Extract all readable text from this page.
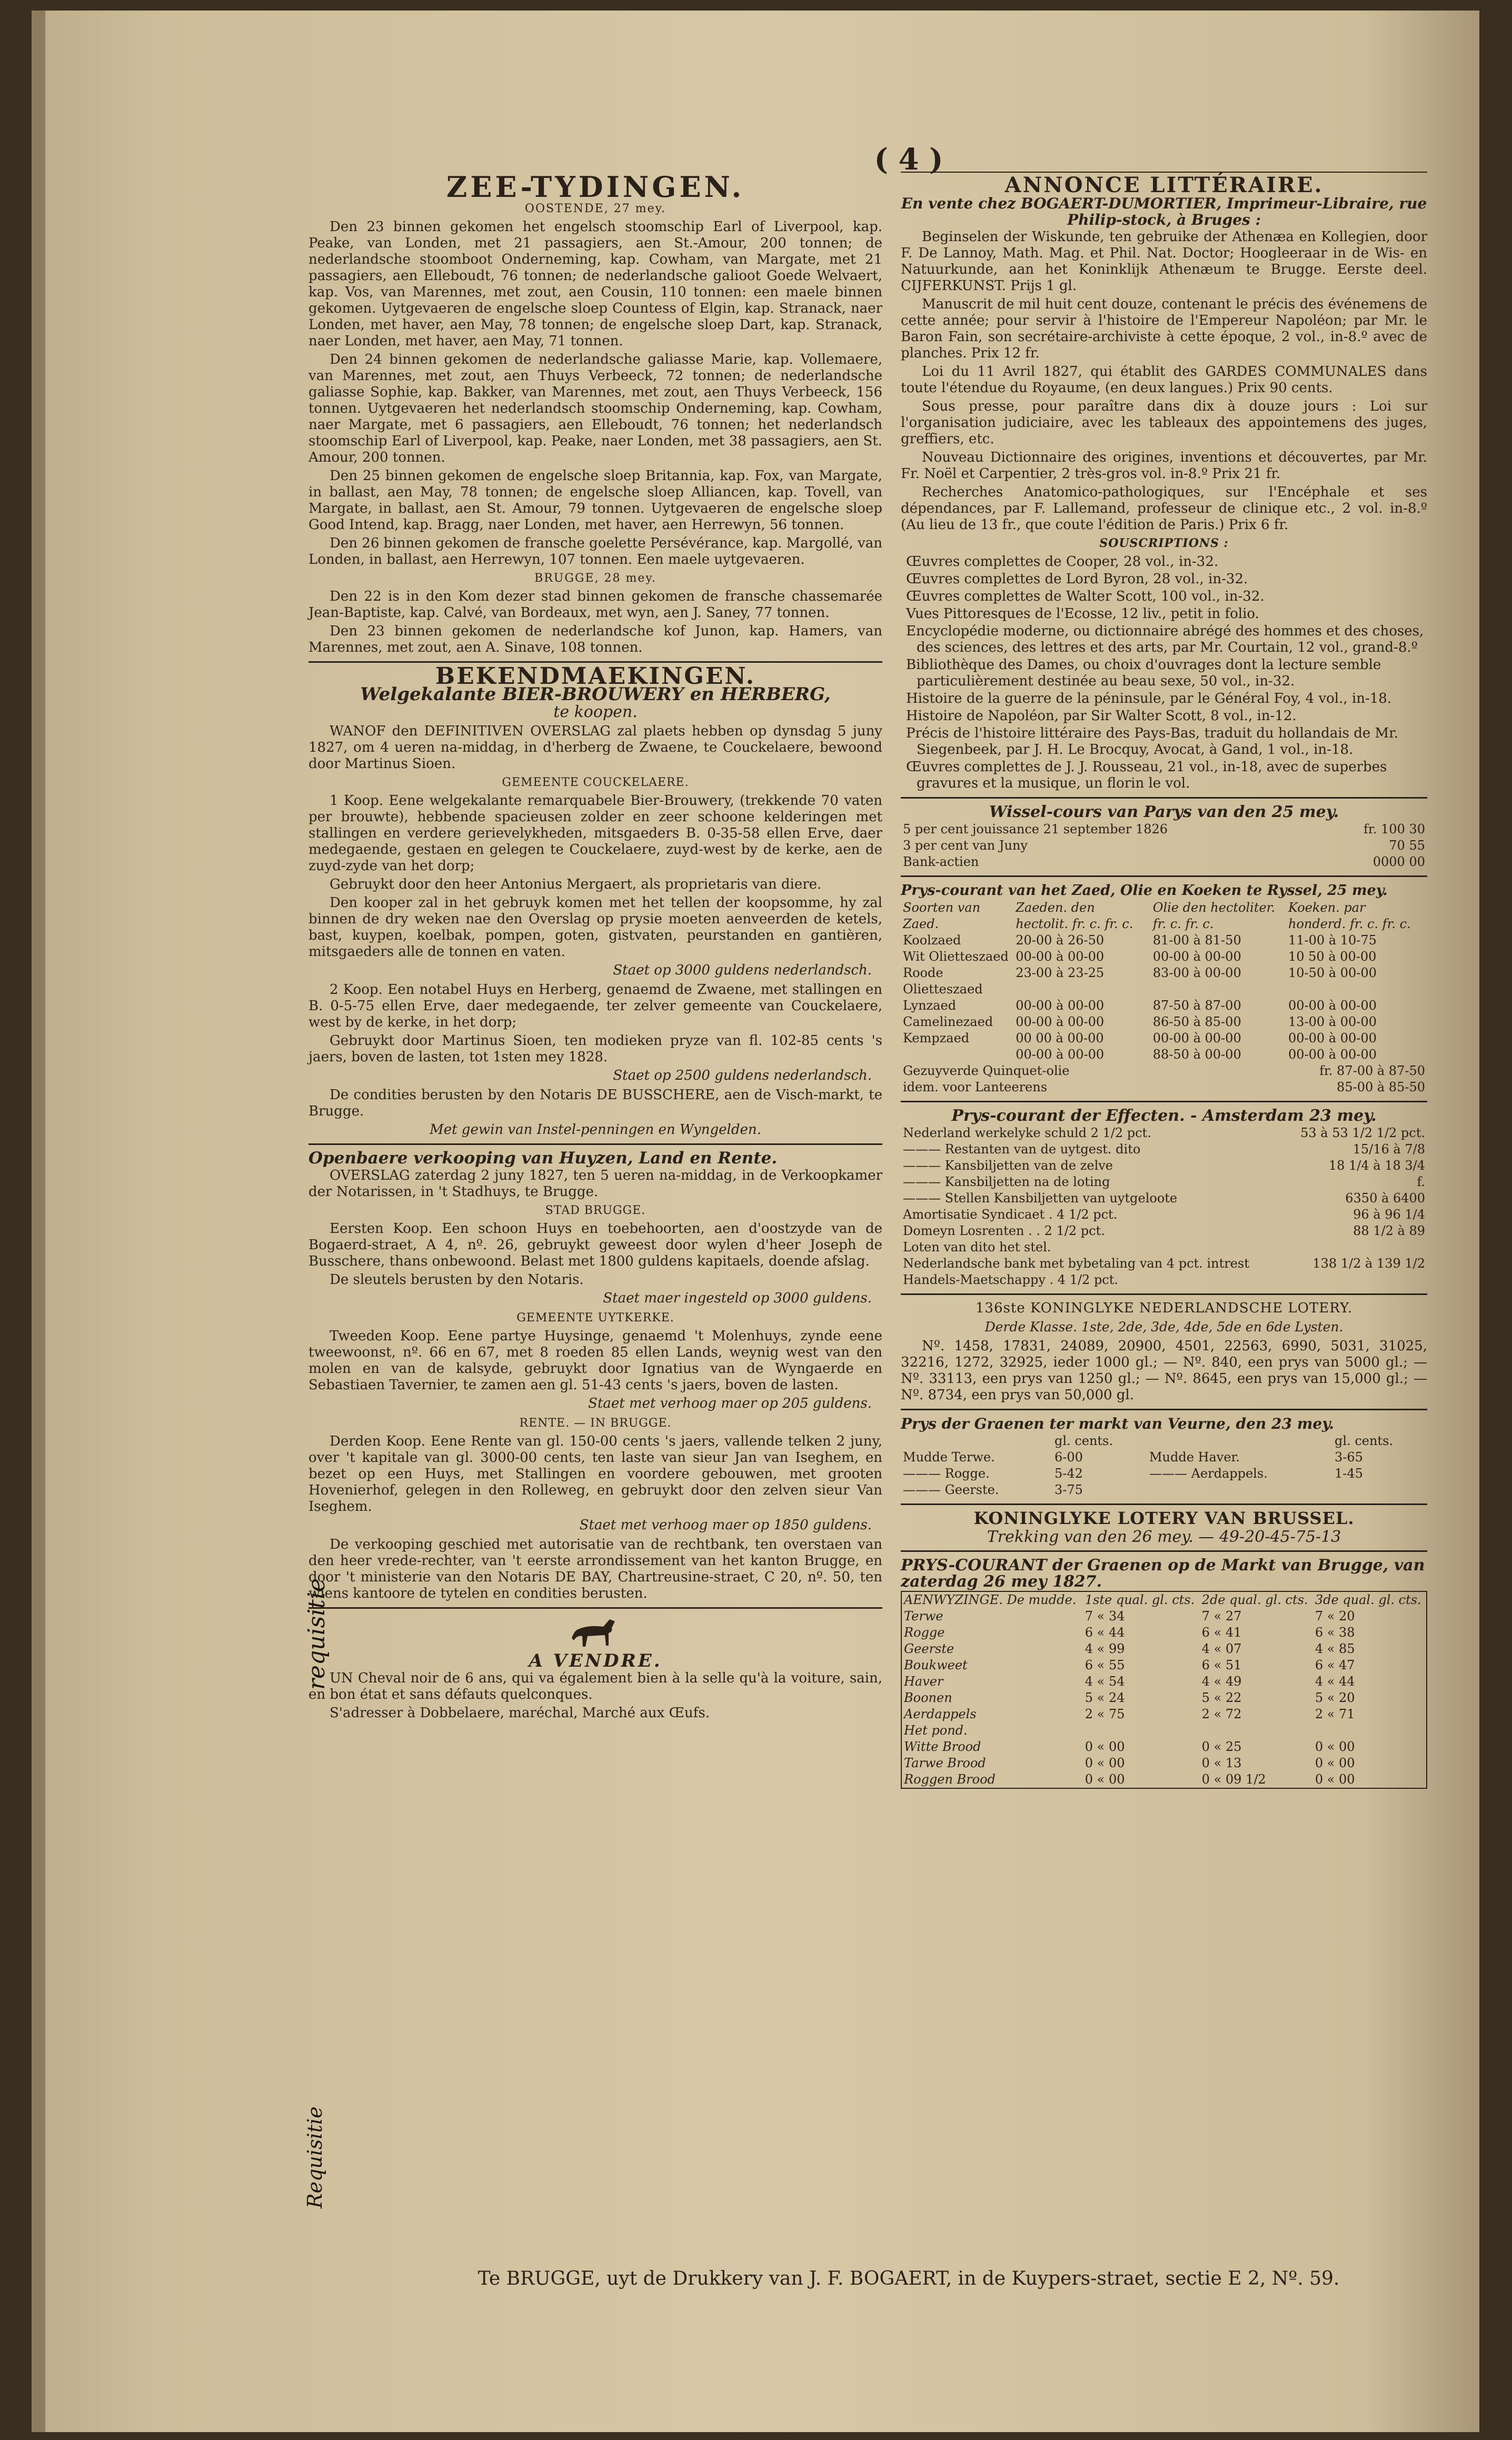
( 4 )
requisitie
Requisitie
ZEE-TYDINGEN.
OOSTENDE, 27 mey.

Den 23 binnen gekomen het engelsch stoomschip Earl of Liverpool, kap. Peake, van Londen, met 21 passagiers, aen St.-Amour, 200 tonnen; de nederlandsche stoomboot Onderneming, kap. Cowham, van Margate, met 21 passagiers, aen Elleboudt, 76 tonnen; de nederlandsche galioot Goede Welvaert, kap. Vos, van Marennes, met zout, aen Cousin, 110 tonnen: een maele binnen gekomen. Uytgevaeren de engelsche sloep Countess of Elgin, kap. Stranack, naer Londen, met haver, aen May, 78 tonnen; de engelsche sloep Dart, kap. Stranack, naer Londen, met haver, aen May, 71 tonnen.

Den 24 binnen gekomen de nederlandsche galiasse Marie, kap. Vollemaere, van Marennes, met zout, aen Thuys Verbeeck, 72 tonnen; de nederlandsche galiasse Sophie, kap. Bakker, van Marennes, met zout, aen Thuys Verbeeck, 156 tonnen. Uytgevaeren het nederlandsch stoomschip Onderneming, kap. Cowham, naer Margate, met 6 passagiers, aen Elleboudt, 76 tonnen; het nederlandsch stoomschip Earl of Liverpool, kap. Peake, naer Londen, met 38 passagiers, aen St. Amour, 200 tonnen.

Den 25 binnen gekomen de engelsche sloep Britannia, kap. Fox, van Margate, in ballast, aen May, 78 tonnen; de engelsche sloep Alliancen, kap. Tovell, van Margate, in ballast, aen St. Amour, 79 tonnen. Uytgevaeren de engelsche sloep Good Intend, kap. Bragg, naer Londen, met haver, aen Herrewyn, 56 tonnen.

Den 26 binnen gekomen de fransche goelette Persévérance, kap. Margollé, van Londen, in ballast, aen Herrewyn, 107 tonnen. Een maele uytgevaeren.

BRUGGE, 28 mey.

Den 22 is in den Kom dezer stad binnen gekomen de fransche chassemarée Jean-Baptiste, kap. Calvé, van Bordeaux, met wyn, aen J. Saney, 77 tonnen.

Den 23 binnen gekomen de nederlandsche kof Junon, kap. Hamers, van Marennes, met zout, aen A. Sinave, 108 tonnen.

BEKENDMAEKINGEN.
Welgekalante BIER-BROUWERY en HERBERG,
te koopen.

WANOF den DEFINITIVEN OVERSLAG zal plaets hebben op dynsdag 5 juny 1827, om 4 ueren na-middag, in d'herberg de Zwaene, te Couckelaere, bewoond door Martinus Sioen.

GEMEENTE COUCKELAERE.

1 Koop. Eene welgekalante remarquabele Bier-Brouwery, (trekkende 70 vaten per brouwte), hebbende spacieusen zolder en zeer schoone kelderingen met stallingen en verdere gerievelykheden, mitsgaeders B. 0-35-58 ellen Erve, daer medegaende, gestaen en gelegen te Couckelaere, zuyd-west by de kerke, aen de zuyd-zyde van het dorp;

Gebruykt door den heer Antonius Mergaert, als proprietaris van diere.

Den kooper zal in het gebruyk komen met het tellen der koopsomme, hy zal binnen de dry weken nae den Overslag op prysie moeten aenveerden de ketels, bast, kuypen, koelbak, pompen, goten, gistvaten, peurstanden en gantièren, mitsgaeders alle de tonnen en vaten.

Staet op 3000 guldens nederlandsch.

2 Koop. Een notabel Huys en Herberg, genaemd de Zwaene, met stallingen en B. 0-5-75 ellen Erve, daer medegaende, ter zelver gemeente van Couckelaere, west by de kerke, in het dorp;

Gebruykt door Martinus Sioen, ten modieken pryze van fl. 102-85 cents 's jaers, boven de lasten, tot 1sten mey 1828.

Staet op 2500 guldens nederlandsch.

De condities berusten by den Notaris DE BUSSCHERE, aen de Visch-markt, te Brugge.

Met gewin van Instel-penningen en Wyngelden.
Openbaere verkooping van Huyzen, Land en Rente.

OVERSLAG zaterdag 2 juny 1827, ten 5 ueren na-middag, in de Verkoopkamer der Notarissen, in 't Stadhuys, te Brugge.

STAD BRUGGE.

Eersten Koop. Een schoon Huys en toebehoorten, aen d'oostzyde van de Bogaerd-straet, A 4, nº. 26, gebruykt geweest door wylen d'heer Joseph de Busschere, thans onbewoond. Belast met 1800 guldens kapitaels, doende afslag.

De sleutels berusten by den Notaris.

Staet maer ingesteld op 3000 guldens.
GEMEENTE UYTKERKE.

Tweeden Koop. Eene partye Huysinge, genaemd 't Molenhuys, zynde eene tweewoonst, nº. 66 en 67, met 8 roeden 85 ellen Lands, weynig west van den molen en van de kalsyde, gebruykt door Ignatius van de Wyngaerde en Sebastiaen Tavernier, te zamen aen gl. 51-43 cents 's jaers, boven de lasten.

Staet met verhoog maer op 205 guldens.
RENTE. — IN BRUGGE.

Derden Koop. Eene Rente van gl. 150-00 cents 's jaers, vallende telken 2 juny, over 't kapitale van gl. 3000-00 cents, ten laste van sieur Jan van Iseghem, en bezet op een Huys, met Stallingen en voordere gebouwen, met grooten Hovenierhof, gelegen in den Rolleweg, en gebruykt door den zelven sieur Van Iseghem.

Staet met verhoog maer op 1850 guldens.

De verkooping geschied met autorisatie van de rechtbank, ten overstaen van den heer vrede-rechter, van 't eerste arrondissement van het kanton Brugge, en door 't ministerie van den Notaris DE BAY, Chartreusine-straet, C 20, nº. 50, ten wiens kantoore de tytelen en condities berusten.

A VENDRE.

UN Cheval noir de 6 ans, qui va également bien à la selle qu'à la voiture, sain, en bon état et sans défauts quelconques.

S'adresser à Dobbelaere, maréchal, Marché aux Œufs.

ANNONCE LITTÉRAIRE.
En vente chez BOGAERT-DUMORTIER, Imprimeur-Libraire, rue Philip-stock, à Bruges :

Beginselen der Wiskunde, ten gebruike der Athenæa en Kollegien, door F. De Lannoy, Math. Mag. et Phil. Nat. Doctor; Hoogleeraar in de Wis- en Natuurkunde, aan het Koninklijk Athenæum te Brugge. Eerste deel. CIJFERKUNST. Prijs 1 gl.

Manuscrit de mil huit cent douze, contenant le précis des événemens de cette année; pour servir à l'histoire de l'Empereur Napoléon; par Mr. le Baron Fain, son secrétaire-archiviste à cette époque, 2 vol., in-8.º avec de planches. Prix 12 fr.

Loi du 11 Avril 1827, qui établit des GARDES COMMUNALES dans toute l'étendue du Royaume, (en deux langues.) Prix 90 cents.

Sous presse, pour paraître dans dix à douze jours : Loi sur l'organisation judiciaire, avec les tableaux des appointemens des juges, greffiers, etc.

Nouveau Dictionnaire des origines, inventions et découvertes, par Mr. Fr. Noël et Carpentier, 2 très-gros vol. in-8.º Prix 21 fr.

Recherches Anatomico-pathologiques, sur l'Encéphale et ses dépendances, par F. Lallemand, professeur de clinique etc., 2 vol. in-8.º (Au lieu de 13 fr., que coute l'édition de Paris.) Prix 6 fr.

SOUSCRIPTIONS :

Œuvres complettes de Cooper, 28 vol., in-32.

Œuvres complettes de Lord Byron, 28 vol., in-32.

Œuvres complettes de Walter Scott, 100 vol., in-32.

Vues Pittoresques de l'Ecosse, 12 liv., petit in folio.

Encyclopédie moderne, ou dictionnaire abrégé des hommes et des choses, des sciences, des lettres et des arts, par Mr. Courtain, 12 vol., grand-8.º

Bibliothèque des Dames, ou choix d'ouvrages dont la lecture semble particulièrement destinée au beau sexe, 50 vol., in-32.

Histoire de la guerre de la péninsule, par le Général Foy, 4 vol., in-18.

Histoire de Napoléon, par Sir Walter Scott, 8 vol., in-12.

Précis de l'histoire littéraire des Pays-Bas, traduit du hollandais de Mr. Siegenbeek, par J. H. Le Brocquy, Avocat, à Gand, 1 vol., in-18.

Œuvres complettes de J. J. Rousseau, 21 vol., in-18, avec de superbes gravures et la musique, un florin le vol.

Wissel-cours van Parys van den 25 mey.
5 per cent jouissance 21 september 1826	fr. 100 30
3 per cent van Juny	70 55
Bank-actien	0000 00
Prys-courant van het Zaed, Olie en Koeken te Ryssel, 25 mey.
Soorten van Zaed.	Zaeden. den hectolit. fr. c. fr. c.	Olie den hectoliter. fr. c. fr. c.	Koeken. par honderd. fr. c. fr. c.
Koolzaed	20-00 à 26-50	81-00 à 81-50	11-00 à 10-75
Wit Olietteszaed	00-00 à 00-00	00-00 à 00-00	10 50 à 00-00
Roode Olietteszaed	23-00 à 23-25	83-00 à 00-00	10-50 à 00-00
Lynzaed	00-00 à 00-00	87-50 à 87-00	00-00 à 00-00
Camelinezaed	00-00 à 00-00	86-50 à 85-00	13-00 à 00-00
Kempzaed	00 00 à 00-00	00-00 à 00-00	00-00 à 00-00
	00-00 à 00-00	88-50 à 00-00	00-00 à 00-00
Gezuyverde Quinquet-olie	fr. 87-00 à 87-50
idem. voor Lanteerens	85-00 à 85-50
Prys-courant der Effecten. - Amsterdam 23 mey.
Nederland werkelyke schuld 2 1/2 pct.	53 à 53 1/2 1/2 pct.
——— Restanten van de uytgest. dito	15/16 à 7/8
——— Kansbiljetten van de zelve	18 1/4 à 18 3/4
——— Kansbiljetten na de loting	f.
——— Stellen Kansbiljetten van uytgeloote	6350 à 6400
Amortisatie Syndicaet . 4 1/2 pct.	96 à 96 1/4
Domeyn Losrenten . . 2 1/2 pct.	88 1/2 à 89
Loten van dito het stel.	
Nederlandsche bank met bybetaling van 4 pct. intrest	138 1/2 à 139 1/2
Handels-Maetschappy . 4 1/2 pct.	
136ste KONINGLYKE NEDERLANDSCHE LOTERY.
Derde Klasse. 1ste, 2de, 3de, 4de, 5de en 6de Lysten.

Nº. 1458, 17831, 24089, 20900, 4501, 22563, 6990, 5031, 31025, 32216, 1272, 32925, ieder 1000 gl.; — Nº. 840, een prys van 5000 gl.; — Nº. 33113, een prys van 1250 gl.; — Nº. 8645, een prys van 15,000 gl.; — Nº. 8734, een prys van 50,000 gl.

Prys der Graenen ter markt van Veurne, den 23 mey.
	gl. cents.		gl. cents.
Mudde Terwe.	6-00	Mudde Haver.	3-65
——— Rogge.	5-42	——— Aerdappels.	1-45
——— Geerste.	3-75		
KONINGLYKE LOTERY VAN BRUSSEL.
Trekking van den 26 mey. — 49-20-45-75-13
PRYS-COURANT der Graenen op de Markt van Brugge, van zaterdag 26 mey 1827.
AENWYZINGE. De mudde.	1ste qual. gl. cts.	2de qual. gl. cts.	3de qual. gl. cts.
Terwe	7 « 34	7 « 27	7 « 20
Rogge	6 « 44	6 « 41	6 « 38
Geerste	4 « 99	4 « 07	4 « 85
Boukweet	6 « 55	6 « 51	6 « 47
Haver	4 « 54	4 « 49	4 « 44
Boonen	5 « 24	5 « 22	5 « 20
Aerdappels	2 « 75	2 « 72	2 « 71
Het pond.			
Witte Brood	0 « 00	0 « 25	0 « 00
Tarwe Brood	0 « 00	0 « 13	0 « 00
Roggen Brood	0 « 00	0 « 09 1/2	0 « 00
Te BRUGGE, uyt de Drukkery van J. F. BOGAERT, in de Kuypers-straet, sectie E 2, Nº. 59.
